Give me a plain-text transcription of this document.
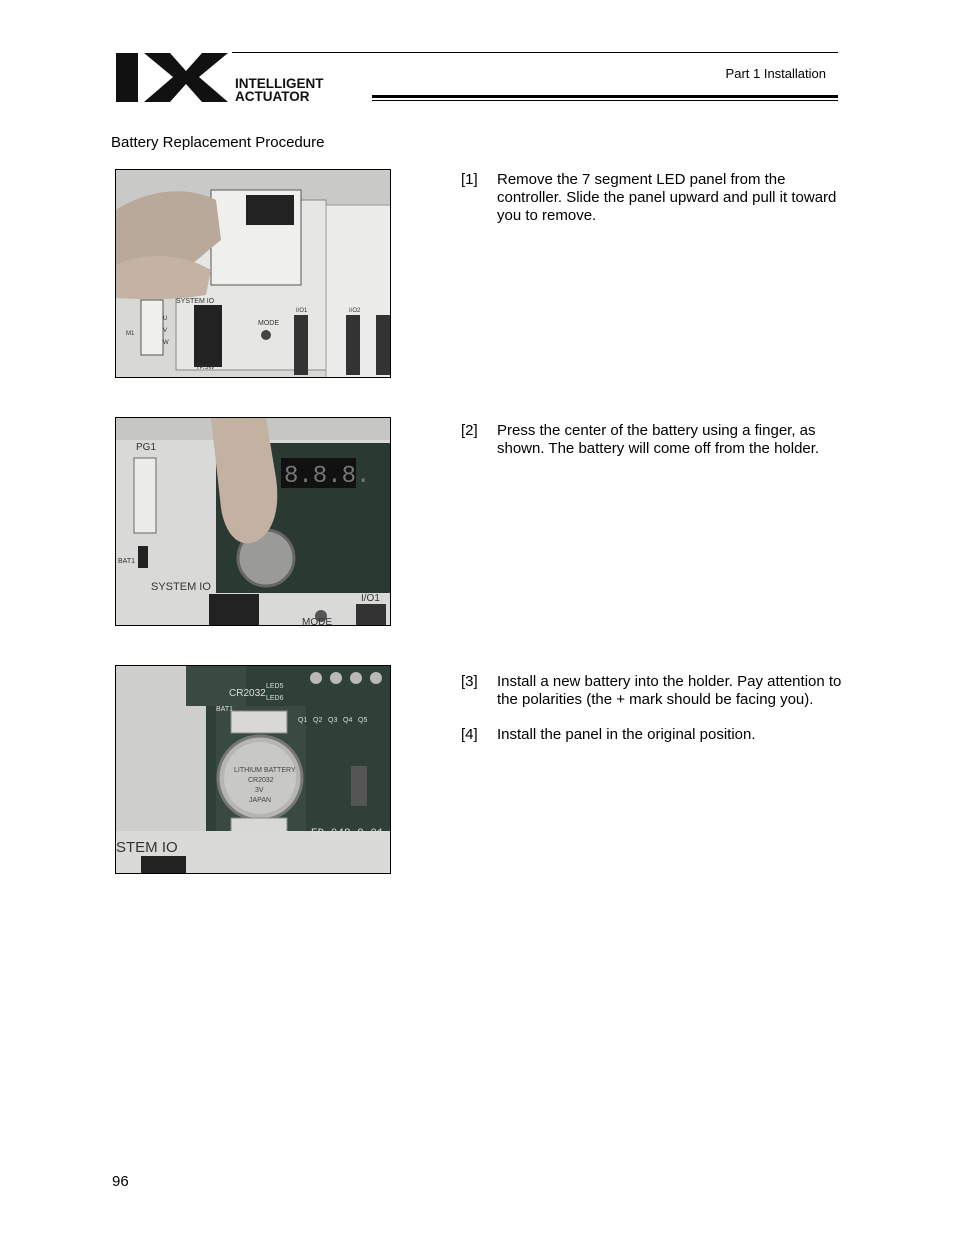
INTELLIGENT
ACTUATOR
Part 1 Installation
Battery Replacement Procedure
SYSTEM IO
MODE
I/O1	I/O2
TP.SW
M1
U
V
W
[1]	Remove the 7 segment LED panel from the controller. Slide the panel upward and pull it toward you to remove.
8.8.8.
PG1
BAT1
SYSTEM IO
I/O1
MODE
[2]	Press the center of the battery using a finger, as shown. The battery will come off from the holder.
CR2032
BAT1
LITHIUM BATTERY
CR2032
3V
JAPAN
STEM IO
ED-048-9-01
LED5
LED6
Q1 Q2 Q3 Q4 Q5
[3]	Install a new battery into the holder. Pay attention to the polarities (the + mark should be facing you).
[4]	Install the panel in the original position.
96
